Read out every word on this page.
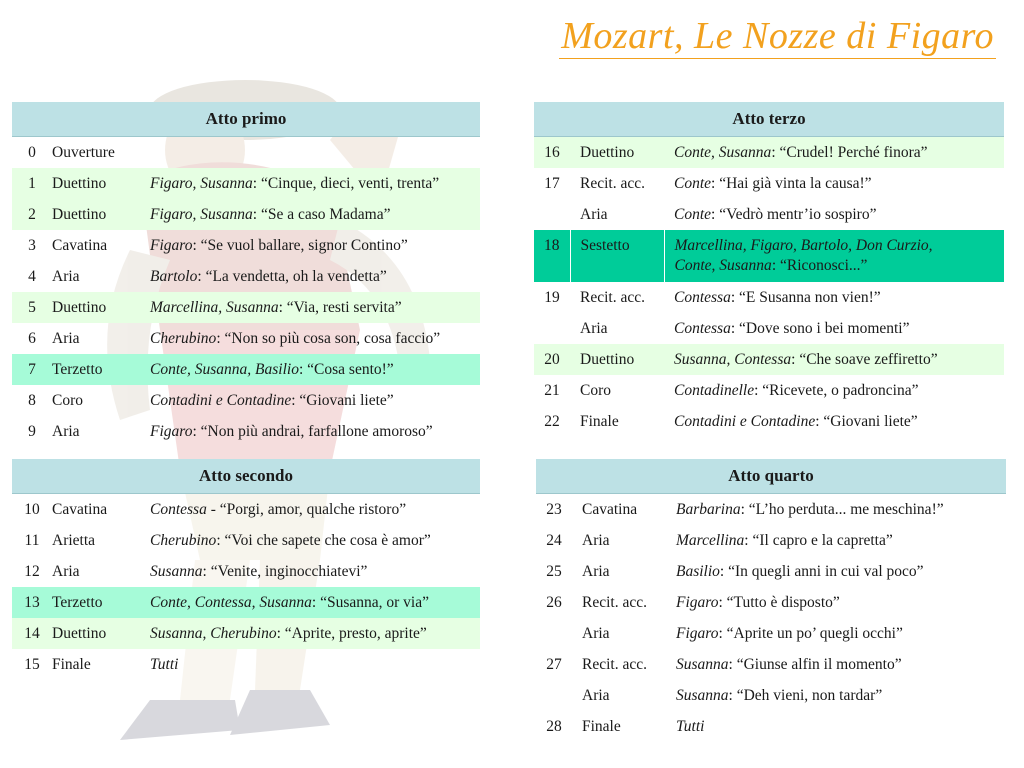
Mozart, Le Nozze di Figaro
Atto primo		
0	Ouverture	
1	Duettino	Figaro, Susanna: “Cinque, dieci, venti, trenta”
2	Duettino	Figaro, Susanna: “Se a caso Madama”
3	Cavatina	Figaro: “Se vuol ballare, signor Contino”
4	Aria	Bartolo: “La vendetta, oh la vendetta”
5	Duettino	Marcellina, Susanna: “Via, resti servita”
6	Aria	Cherubino: “Non so più cosa son, cosa faccio”
7	Terzetto	Conte, Susanna, Basilio: “Cosa sento!”
8	Coro	Contadini e Contadine: “Giovani liete”
9	Aria	Figaro: “Non più andrai, farfallone amoroso”
Atto secondo		
10	Cavatina	Contessa - “Porgi, amor, qualche ristoro”
11	Arietta	Cherubino: “Voi che sapete che cosa è amor”
12	Aria	Susanna: “Venite, inginocchiatevi”
13	Terzetto	Conte, Contessa, Susanna: “Susanna, or via”
14	Duettino	Susanna, Cherubino: “Aprite, presto, aprite”
15	Finale	Tutti
Atto terzo		
16	Duettino	Conte, Susanna: “Crudel! Perché finora”
17	Recit. acc.	Conte: “Hai già vinta la causa!”
	Aria	Conte: “Vedrò mentr’io sospiro”
18	Sestetto	Marcellina, Figaro, Bartolo, Don Curzio,
Conte, Susanna: “Riconosci...”
19	Recit. acc.	Contessa: “E Susanna non vien!”
	Aria	Contessa: “Dove sono i bei momenti”
20	Duettino	Susanna, Contessa: “Che soave zeffiretto”
21	Coro	Contadinelle: “Ricevete, o padroncina”
22	Finale	Contadini e Contadine: “Giovani liete”
Atto quarto		
23	Cavatina	Barbarina: “L’ho perduta... me meschina!”
24	Aria	Marcellina: “Il capro e la capretta”
25	Aria	Basilio: “In quegli anni in cui val poco”
26	Recit. acc.	Figaro: “Tutto è disposto”
	Aria	Figaro: “Aprite un po’ quegli occhi”
27	Recit. acc.	Susanna: “Giunse alfin il momento”
	Aria	Susanna: “Deh vieni, non tardar”
28	Finale	Tutti
